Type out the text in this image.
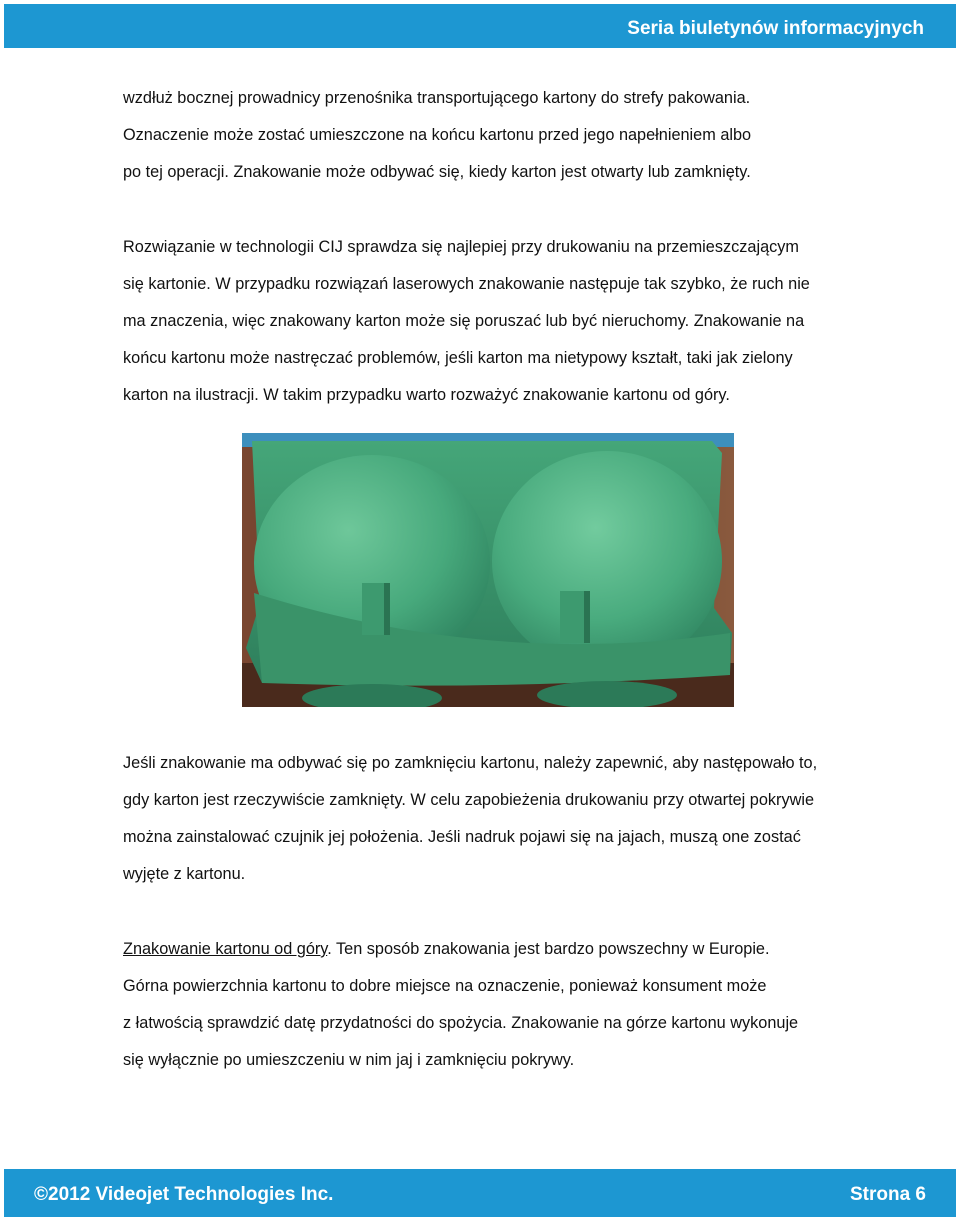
Seria biuletynów informacyjnych

wzdłuż bocznej prowadnicy przenośnika transportującego kartony do strefy pakowania.

Oznaczenie może zostać umieszczone na końcu kartonu przed jego napełnieniem albo

po tej operacji. Znakowanie może odbywać się, kiedy karton jest otwarty lub zamknięty.

Rozwiązanie w technologii CIJ sprawdza się najlepiej przy drukowaniu na przemieszczającym

się kartonie. W przypadku rozwiązań laserowych znakowanie następuje tak szybko, że ruch nie

ma znaczenia, więc znakowany karton może się poruszać lub być nieruchomy. Znakowanie na

końcu kartonu może nastręczać problemów, jeśli karton ma nietypowy kształt, taki jak zielony

karton na ilustracji. W takim przypadku warto rozważyć znakowanie kartonu od góry.

Jeśli znakowanie ma odbywać się po zamknięciu kartonu, należy zapewnić, aby następowało to,

gdy karton jest rzeczywiście zamknięty. W celu zapobieżenia drukowaniu przy otwartej pokrywie

można zainstalować czujnik jej położenia. Jeśli nadruk pojawi się na jajach, muszą one zostać

wyjęte z kartonu.

Znakowanie kartonu od góry. Ten sposób znakowania jest bardzo powszechny w Europie.

Górna powierzchnia kartonu to dobre miejsce na oznaczenie, ponieważ konsument może

z łatwością sprawdzić datę przydatności do spożycia. Znakowanie na górze kartonu wykonuje

się wyłącznie po umieszczeniu w nim jaj i zamknięciu pokrywy.

©2012 Videojet Technologies Inc.	Strona 6
